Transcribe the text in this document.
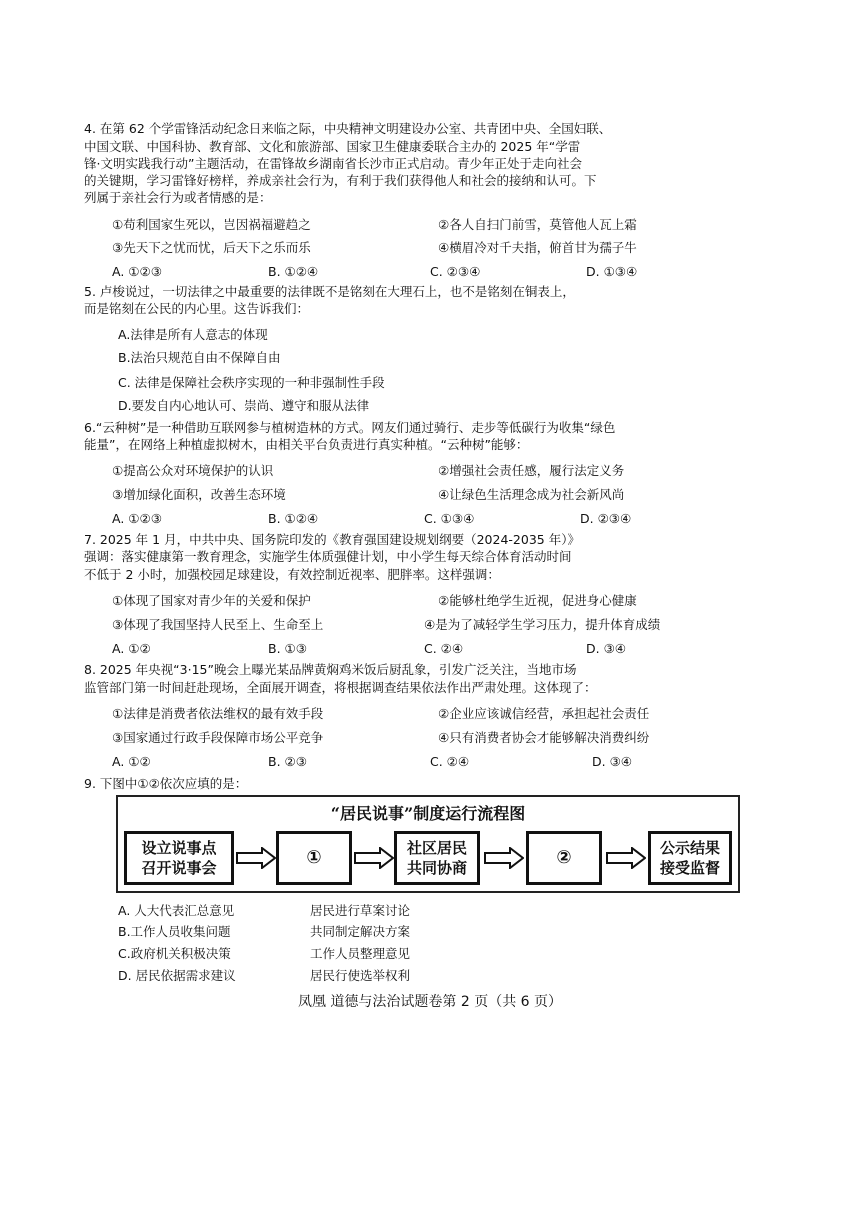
4. 在第 62 个学雷锋活动纪念日来临之际，中央精神文明建设办公室、共青团中央、全国妇联、
中国文联、中国科协、教育部、文化和旅游部、国家卫生健康委联合主办的 2025 年“学雷
锋·文明实践我行动”主题活动，在雷锋故乡湖南省长沙市正式启动。青少年正处于走向社会
的关键期，学习雷锋好榜样，养成亲社会行为，有利于我们获得他人和社会的接纳和认可。下
列属于亲社会行为或者情感的是：
①苟利国家生死以，岂因祸福避趋之	②各人自扫门前雪，莫管他人瓦上霜
③先天下之忧而忧，后天下之乐而乐	④横眉冷对千夫指，俯首甘为孺子牛
A. ①②③	B. ①②④	C. ②③④	D. ①③④
5. 卢梭说过，一切法律之中最重要的法律既不是铭刻在大理石上，也不是铭刻在铜表上，
而是铭刻在公民的内心里。这告诉我们：
A.法律是所有人意志的体现
B.法治只规范自由不保障自由
C. 法律是保障社会秩序实现的一种非强制性手段
D.要发自内心地认可、崇尚、遵守和服从法律
6.“云种树”是一种借助互联网参与植树造林的方式。网友们通过骑行、走步等低碳行为收集“绿色
能量”，在网络上种植虚拟树木，由相关平台负责进行真实种植。“云种树”能够：
①提高公众对环境保护的认识	②增强社会责任感，履行法定义务
③增加绿化面积，改善生态环境	④让绿色生活理念成为社会新风尚
A. ①②③	B. ①②④	C. ①③④	D. ②③④
7. 2025 年 1 月，中共中央、国务院印发的《教育强国建设规划纲要（2024-2035 年）》
强调：落实健康第一教育理念，实施学生体质强健计划，中小学生每天综合体育活动时间
不低于 2 小时，加强校园足球建设，有效控制近视率、肥胖率。这样强调：
①体现了国家对青少年的关爱和保护	②能够杜绝学生近视，促进身心健康
③体现了我国坚持人民至上、生命至上	④是为了减轻学生学习压力，提升体育成绩
A. ①②	B. ①③	C. ②④	D. ③④
8. 2025 年央视“3·15”晚会上曝光某品牌黄焖鸡米饭后厨乱象，引发广泛关注，当地市场
监管部门第一时间赶赴现场，全面展开调查，将根据调查结果依法作出严肃处理。这体现了：
①法律是消费者依法维权的最有效手段	②企业应该诚信经营，承担起社会责任
③国家通过行政手段保障市场公平竞争	④只有消费者协会才能够解决消费纠纷
A. ①②	B. ②③	C. ②④	D. ③④
9. 下图中①②依次应填的是：
“居民说事”制度运行流程图
设立说事点
召开说事会	①	社区居民
共同协商	②	公示结果
接受监督
A. 人大代表汇总意见	居民进行草案讨论
B.工作人员收集问题	共同制定解决方案
C.政府机关积极决策	工作人员整理意见
D. 居民依据需求建议	居民行使选举权利
凤凰 道德与法治试题卷第 2 页（共 6 页）
